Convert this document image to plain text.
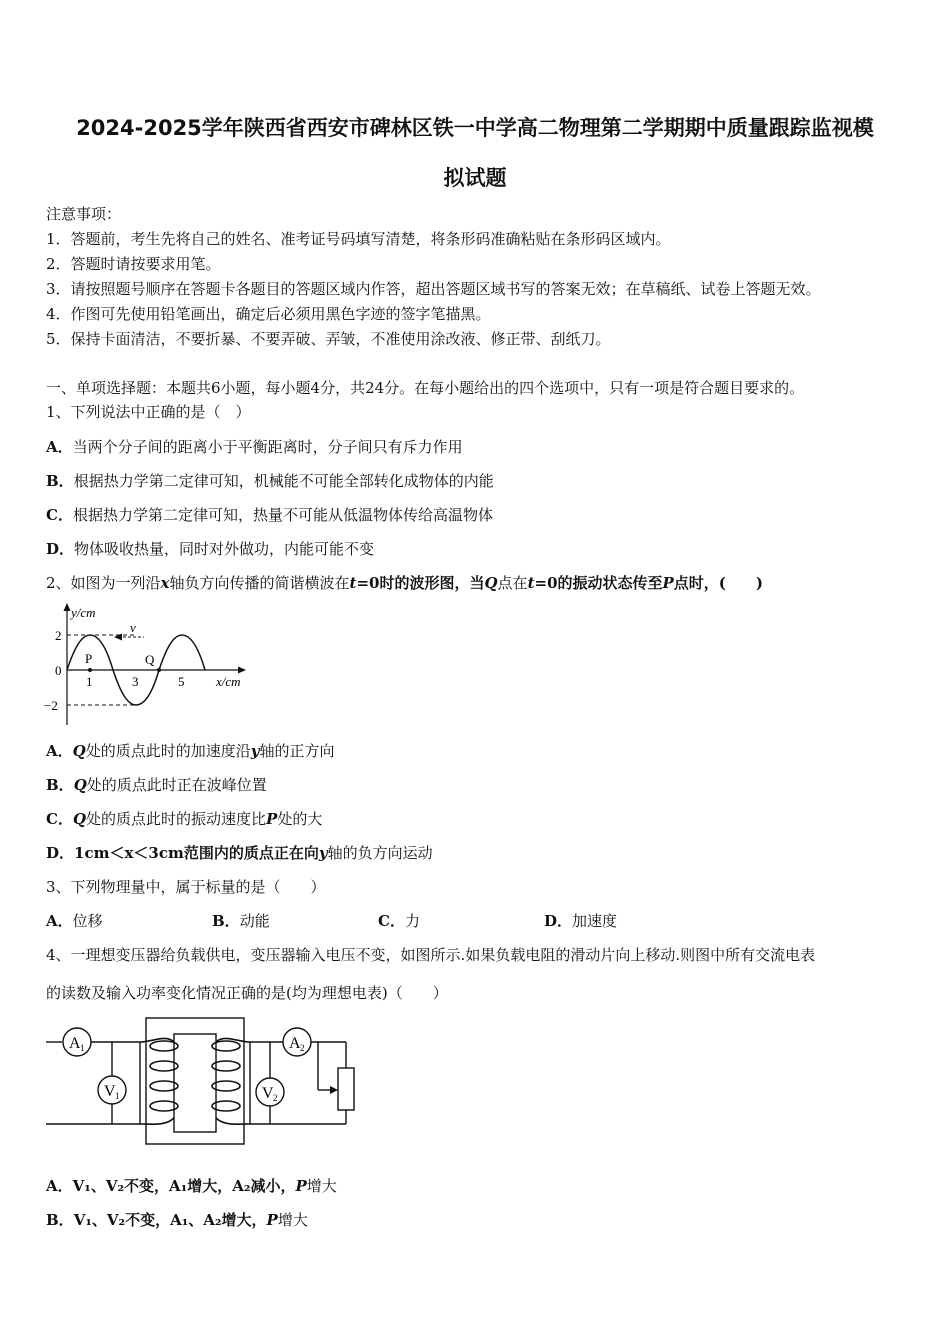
2024-2025学年陕西省西安市碑林区铁一中学高二物理第二学期期中质量跟踪监视模
拟试题
注意事项：
1．答题前，考生先将自己的姓名、准考证号码填写清楚，将条形码准确粘贴在条形码区域内。
2．答题时请按要求用笔。
3．请按照题号顺序在答题卡各题目的答题区域内作答，超出答题区域书写的答案无效；在草稿纸、试卷上答题无效。
4．作图可先使用铅笔画出，确定后必须用黑色字迹的签字笔描黑。
5．保持卡面清洁，不要折暴、不要弄破、弄皱，不准使用涂改液、修正带、刮纸刀。
一、单项选择题：本题共6小题，每小题4分，共24分。在每小题给出的四个选项中，只有一项是符合题目要求的。
1、下列说法中正确的是（　）
A．当两个分子间的距离小于平衡距离时，分子间只有斥力作用
B．根据热力学第二定律可知，机械能不可能全部转化成物体的内能
C．根据热力学第二定律可知，热量不可能从低温物体传给高温物体
D．物体吸收热量，同时对外做功，内能可能不变
2、如图为一列沿x轴负方向传播的简谐横波在t=0时的波形图，当Q点在t=0的振动状态传至P点时，(　　)
y/cm
x/cm
2
0
−2
1	3	5
P	Q
v
A．Q处的质点此时的加速度沿y轴的正方向
B．Q处的质点此时正在波峰位置
C．Q处的质点此时的振动速度比P处的大
D．1cm＜x＜3cm范围内的质点正在向y轴的负方向运动
3、下列物理量中，属于标量的是（　　）
A．位移	B．动能	C．力	D．加速度
4、一理想变压器给负载供电，变压器输入电压不变，如图所示.如果负载电阻的滑动片向上移动.则图中所有交流电表
的读数及输入功率变化情况正确的是(均为理想电表)（　　）
A 1
V 1
A 2
V 2
A．V₁、V₂不变，A₁增大，A₂减小，P增大
B．V₁、V₂不变，A₁、A₂增大，P增大
